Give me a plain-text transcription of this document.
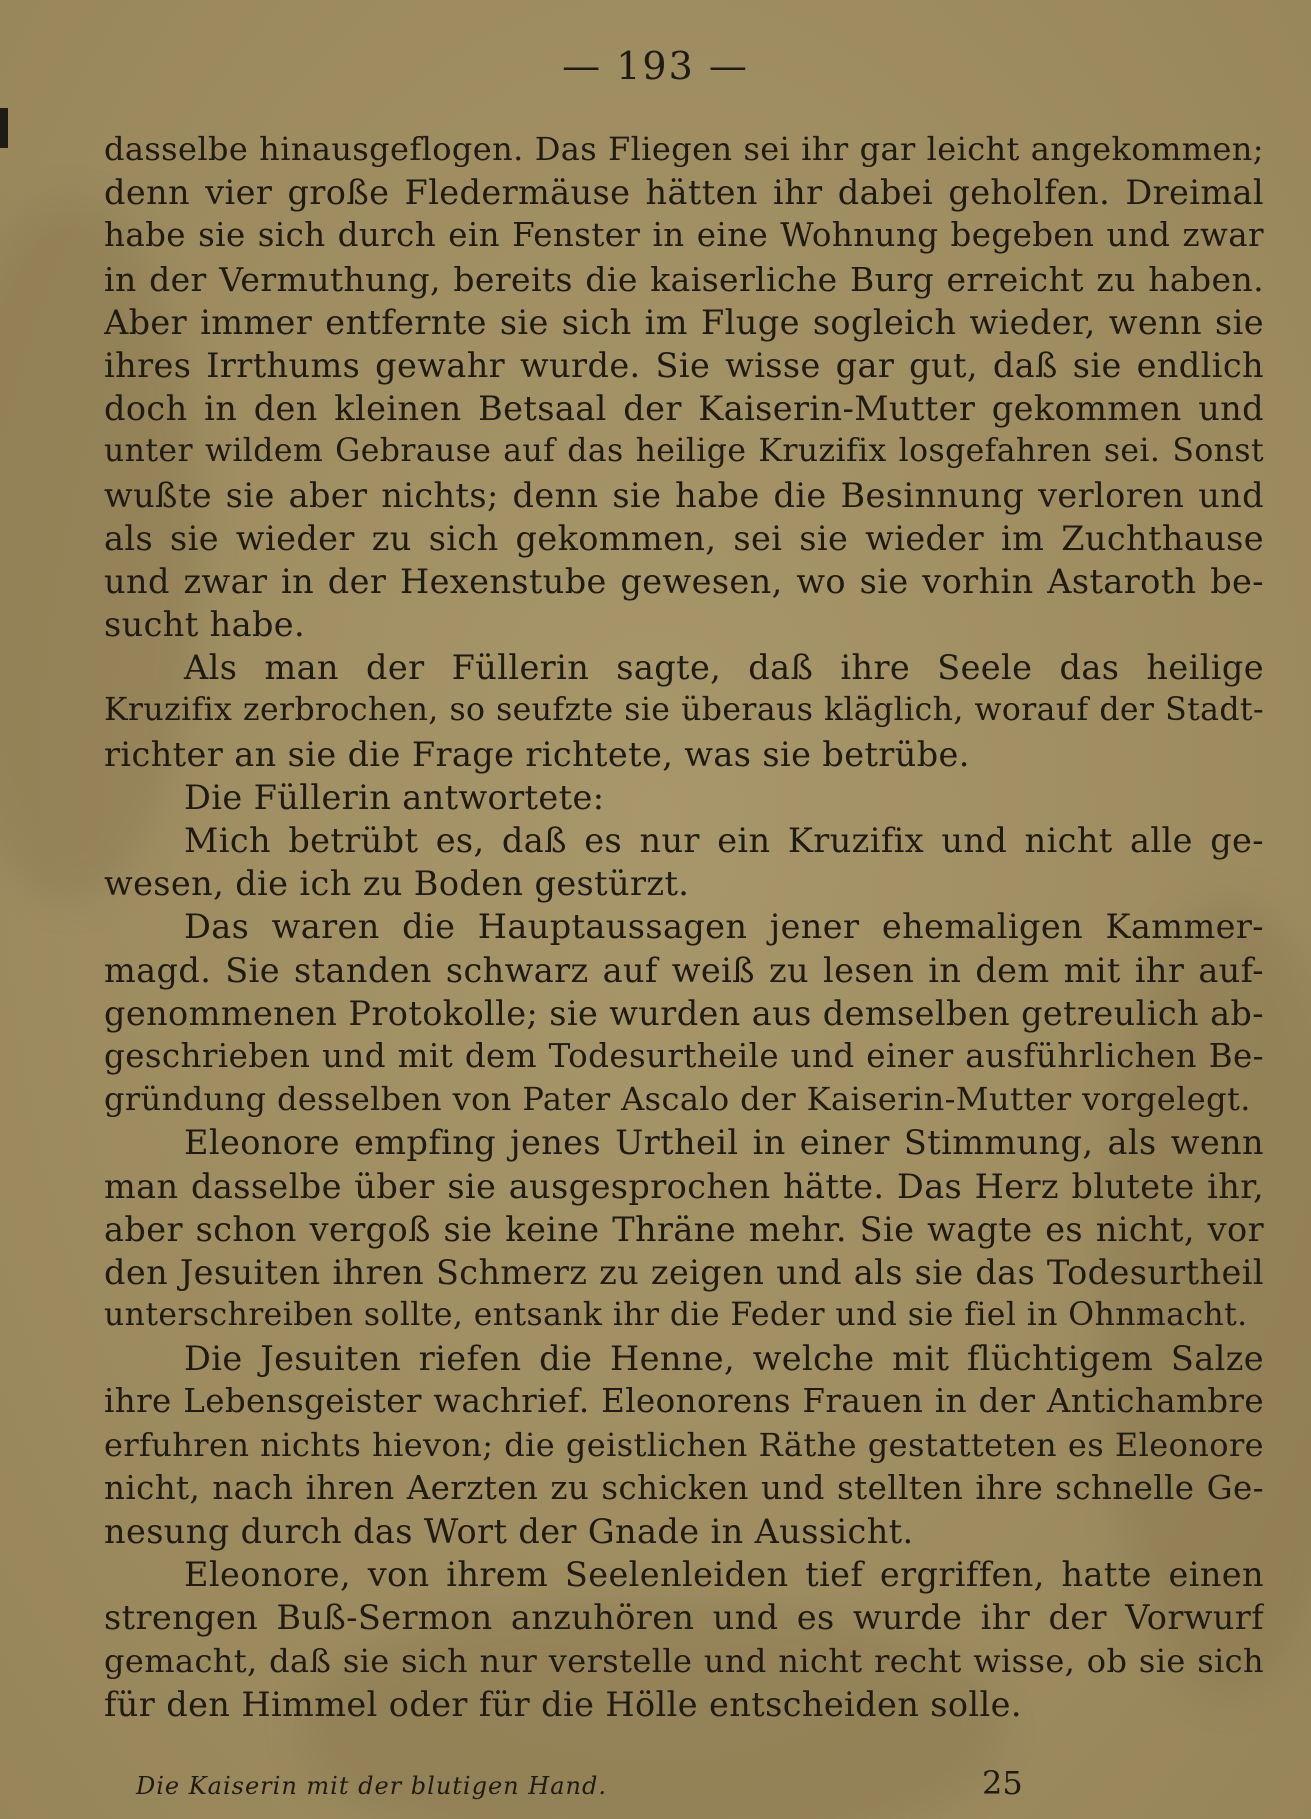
— 193 —
dasselbe hinausgeflogen. Das Fliegen sei ihr gar leicht angekommen;
denn vier große Fledermäuse hätten ihr dabei geholfen. Dreimal
habe sie sich durch ein Fenster in eine Wohnung begeben und zwar
in der Vermuthung, bereits die kaiserliche Burg erreicht zu haben.
Aber immer entfernte sie sich im Fluge sogleich wieder, wenn sie
ihres Irrthums gewahr wurde. Sie wisse gar gut, daß sie endlich
doch in den kleinen Betsaal der Kaiserin-Mutter gekommen und
unter wildem Gebrause auf das heilige Kruzifix losgefahren sei. Sonst
wußte sie aber nichts; denn sie habe die Besinnung verloren und
als sie wieder zu sich gekommen, sei sie wieder im Zuchthause
und zwar in der Hexenstube gewesen, wo sie vorhin Astaroth be-
sucht habe.
Als man der Füllerin sagte, daß ihre Seele das heilige
Kruzifix zerbrochen, so seufzte sie überaus kläglich, worauf der Stadt-
richter an sie die Frage richtete, was sie betrübe.
Die Füllerin antwortete:
Mich betrübt es, daß es nur ein Kruzifix und nicht alle ge-
wesen, die ich zu Boden gestürzt.
Das waren die Hauptaussagen jener ehemaligen Kammer-
magd. Sie standen schwarz auf weiß zu lesen in dem mit ihr auf-
genommenen Protokolle; sie wurden aus demselben getreulich ab-
geschrieben und mit dem Todesurtheile und einer ausführlichen Be-
gründung desselben von Pater Ascalo der Kaiserin-Mutter vorgelegt.
Eleonore empfing jenes Urtheil in einer Stimmung, als wenn
man dasselbe über sie ausgesprochen hätte. Das Herz blutete ihr,
aber schon vergoß sie keine Thräne mehr. Sie wagte es nicht, vor
den Jesuiten ihren Schmerz zu zeigen und als sie das Todesurtheil
unterschreiben sollte, entsank ihr die Feder und sie fiel in Ohnmacht.
Die Jesuiten riefen die Henne, welche mit flüchtigem Salze
ihre Lebensgeister wachrief. Eleonorens Frauen in der Antichambre
erfuhren nichts hievon; die geistlichen Räthe gestatteten es Eleonore
nicht, nach ihren Aerzten zu schicken und stellten ihre schnelle Ge-
nesung durch das Wort der Gnade in Aussicht.
Eleonore, von ihrem Seelenleiden tief ergriffen, hatte einen
strengen Buß-Sermon anzuhören und es wurde ihr der Vorwurf
gemacht, daß sie sich nur verstelle und nicht recht wisse, ob sie sich
für den Himmel oder für die Hölle entscheiden solle.
Die Kaiserin mit der blutigen Hand.	25
